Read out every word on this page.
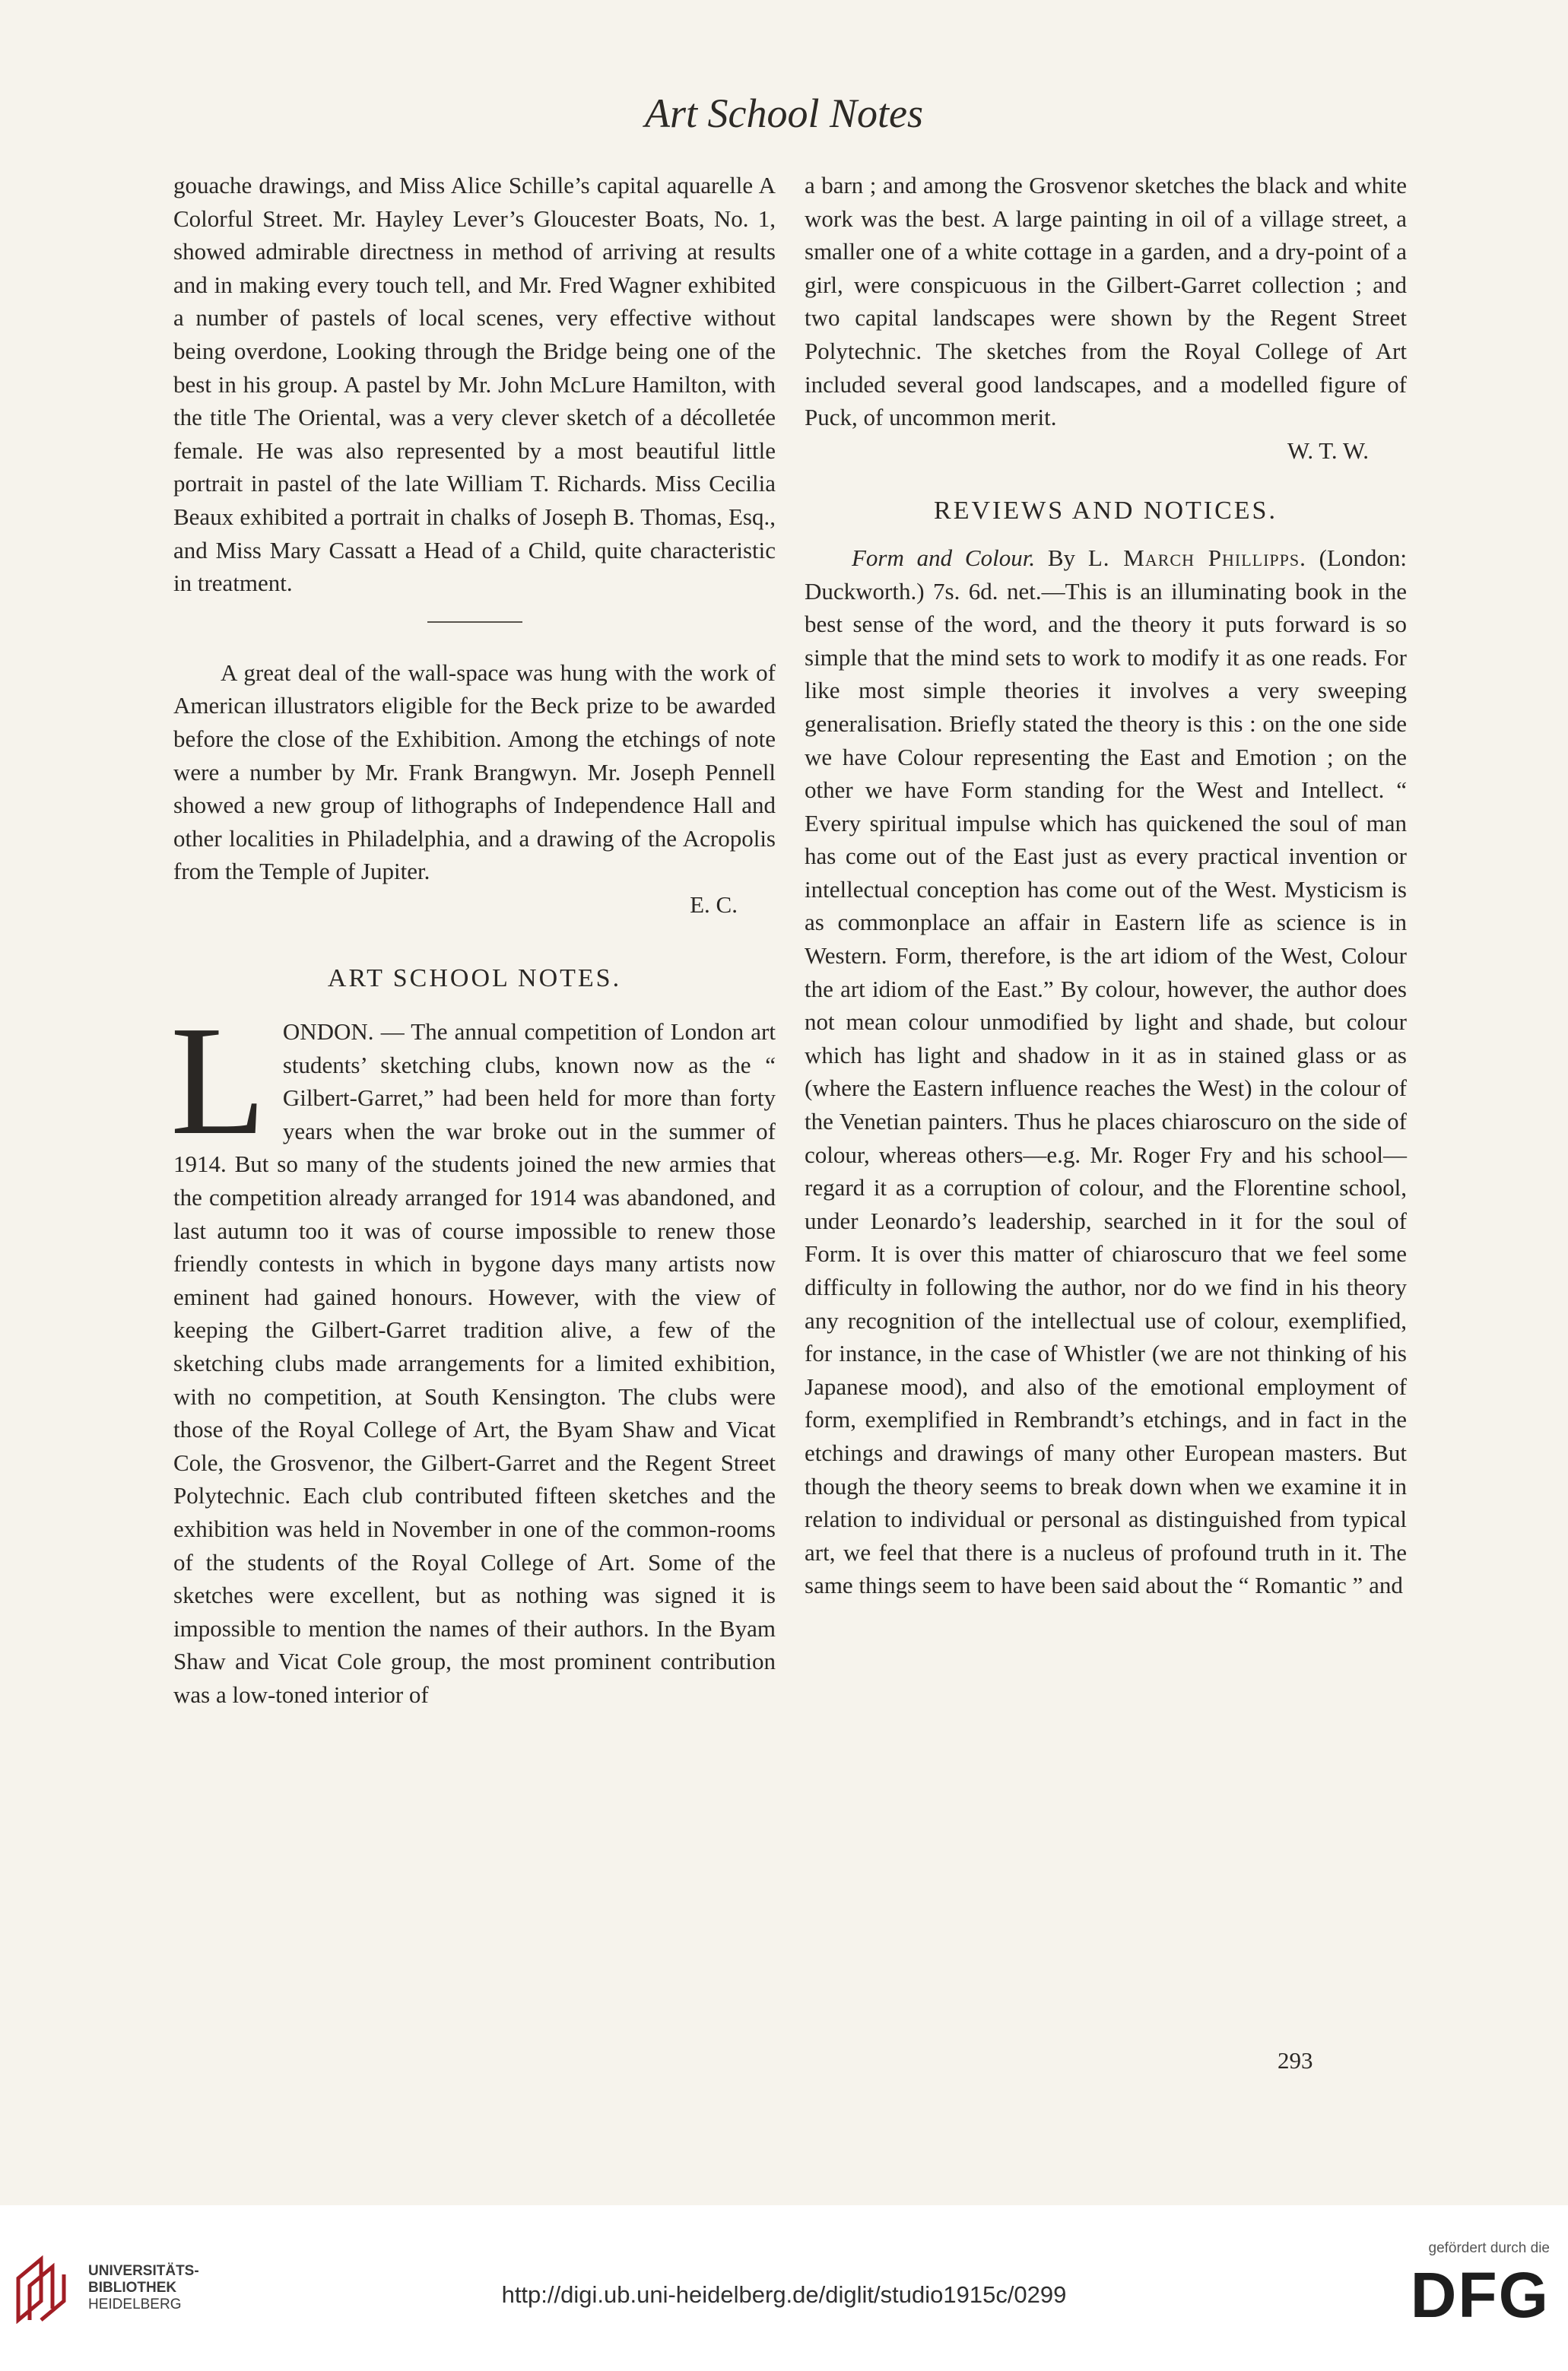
Art School Notes

gouache drawings, and Miss Alice Schille’s capital aquarelle A Colorful Street. Mr. Hayley Lever’s Gloucester Boats, No. 1, showed admirable directness in method of arriving at results and in making every touch tell, and Mr. Fred Wagner exhibited a number of pastels of local scenes, very effective without being overdone, Looking through the Bridge being one of the best in his group. A pastel by Mr. John McLure Hamilton, with the title The Oriental, was a very clever sketch of a décolletée female. He was also represented by a most beautiful little portrait in pastel of the late William T. Richards. Miss Cecilia Beaux exhibited a portrait in chalks of Joseph B. Thomas, Esq., and Miss Mary Cassatt a Head of a Child, quite characteristic in treatment.

A great deal of the wall-space was hung with the work of American illustrators eligible for the Beck prize to be awarded before the close of the Exhibition. Among the etchings of note were a number by Mr. Frank Brangwyn. Mr. Joseph Pennell showed a new group of lithographs of Independence Hall and other localities in Philadelphia, and a drawing of the Acropolis from the Temple of Jupiter.

E. C.

ART SCHOOL NOTES.

L ONDON. — The annual competition of London art students’ sketching clubs, known now as the “ Gilbert-Garret,” had been held for more than forty years when the war broke out in the summer of 1914. But so many of the students joined the new armies that the competition already arranged for 1914 was abandoned, and last autumn too it was of course impossible to renew those friendly contests in which in bygone days many artists now eminent had gained honours. However, with the view of keeping the Gilbert-Garret tradition alive, a few of the sketching clubs made arrangements for a limited exhibition, with no competition, at South Kensington. The clubs were those of the Royal College of Art, the Byam Shaw and Vicat Cole, the Grosvenor, the Gilbert-Garret and the Regent Street Polytechnic. Each club contributed fifteen sketches and the exhibition was held in November in one of the common-rooms of the students of the Royal College of Art. Some of the sketches were excellent, but as nothing was signed it is impossible to mention the names of their authors. In the Byam Shaw and Vicat Cole group, the most prominent contribution was a low-toned interior of

a barn ; and among the Grosvenor sketches the black and white work was the best. A large painting in oil of a village street, a smaller one of a white cottage in a garden, and a dry-point of a girl, were conspicuous in the Gilbert-Garret collection ; and two capital landscapes were shown by the Regent Street Polytechnic. The sketches from the Royal College of Art included several good landscapes, and a modelled figure of Puck, of uncommon merit.

W. T. W.

REVIEWS AND NOTICES.

Form and Colour. By L. March Phillipps. (London: Duckworth.) 7s. 6d. net.—This is an illuminating book in the best sense of the word, and the theory it puts forward is so simple that the mind sets to work to modify it as one reads. For like most simple theories it involves a very sweeping generalisation. Briefly stated the theory is this : on the one side we have Colour representing the East and Emotion ; on the other we have Form standing for the West and Intellect. “ Every spiritual impulse which has quickened the soul of man has come out of the East just as every practical invention or intellectual conception has come out of the West. Mysticism is as commonplace an affair in Eastern life as science is in Western. Form, therefore, is the art idiom of the West, Colour the art idiom of the East.” By colour, however, the author does not mean colour unmodified by light and shade, but colour which has light and shadow in it as in stained glass or as (where the Eastern influence reaches the West) in the colour of the Venetian painters. Thus he places chiaroscuro on the side of colour, whereas others—e.g. Mr. Roger Fry and his school—regard it as a corruption of colour, and the Florentine school, under Leonardo’s leadership, searched in it for the soul of Form. It is over this matter of chiaroscuro that we feel some difficulty in following the author, nor do we find in his theory any recognition of the intellectual use of colour, exemplified, for instance, in the case of Whistler (we are not thinking of his Japanese mood), and also of the emotional employment of form, exemplified in Rembrandt’s etchings, and in fact in the etchings and drawings of many other European masters. But though the theory seems to break down when we examine it in relation to individual or personal as distinguished from typical art, we feel that there is a nucleus of profound truth in it. The same things seem to have been said about the “ Romantic ” and

293
UNIVERSITÄTS-
BIBLIOTHEK
HEIDELBERG	http://digi.ub.uni-heidelberg.de/diglit/studio1915c/0299
gefördert durch die
DFG
